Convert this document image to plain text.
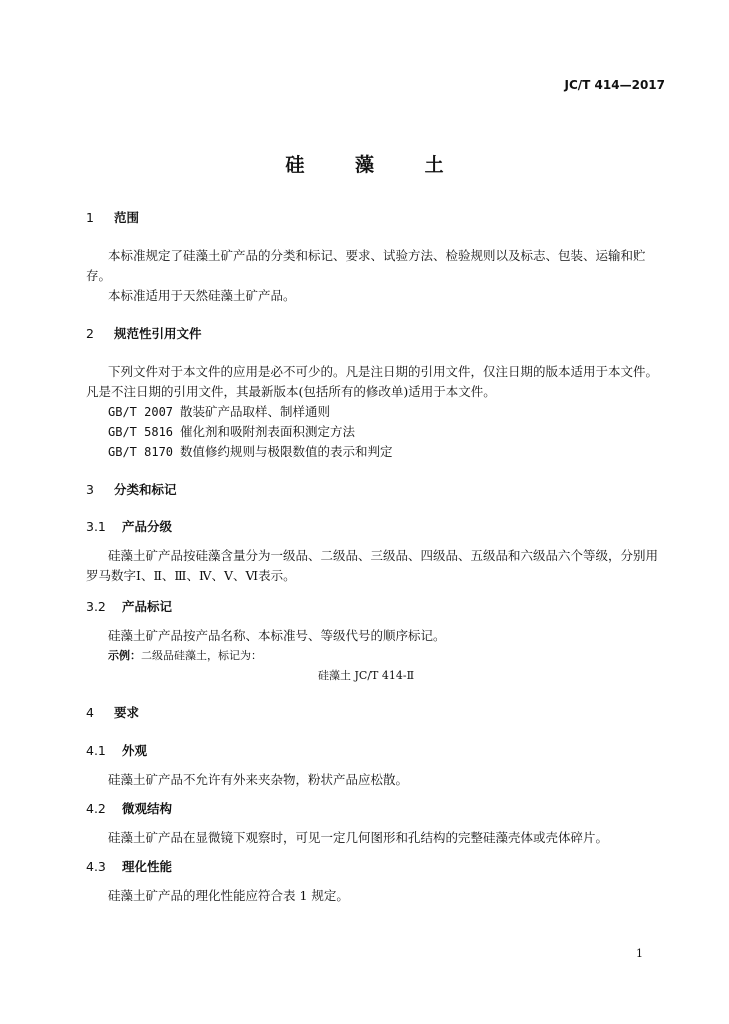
JC/T 414—2017
硅 藻 土
1 范围
本标准规定了硅藻土矿产品的分类和标记、要求、试验方法、检验规则以及标志、包装、运输和贮存。
本标准适用于天然硅藻土矿产品。
2 规范性引用文件
下列文件对于本文件的应用是必不可少的。凡是注日期的引用文件，仅注日期的版本适用于本文件。凡是不注日期的引用文件，其最新版本(包括所有的修改单)适用于本文件。
GB/T 2007 散装矿产品取样、制样通则
GB/T 5816 催化剂和吸附剂表面积测定方法
GB/T 8170 数值修约规则与极限数值的表示和判定
3 分类和标记
3.1 产品分级
硅藻土矿产品按硅藻含量分为一级品、二级品、三级品、四级品、五级品和六级品六个等级，分别用罗马数字Ⅰ、Ⅱ、Ⅲ、Ⅳ、Ⅴ、Ⅵ表示。
3.2 产品标记
硅藻土矿产品按产品名称、本标准号、等级代号的顺序标记。
示例：二级品硅藻土，标记为：
硅藻土 JC/T 414-Ⅱ
4 要求
4.1 外观
硅藻土矿产品不允许有外来夹杂物，粉状产品应松散。
4.2 微观结构
硅藻土矿产品在显微镜下观察时，可见一定几何图形和孔结构的完整硅藻壳体或壳体碎片。
4.3 理化性能
硅藻土矿产品的理化性能应符合表 1 规定。
1
